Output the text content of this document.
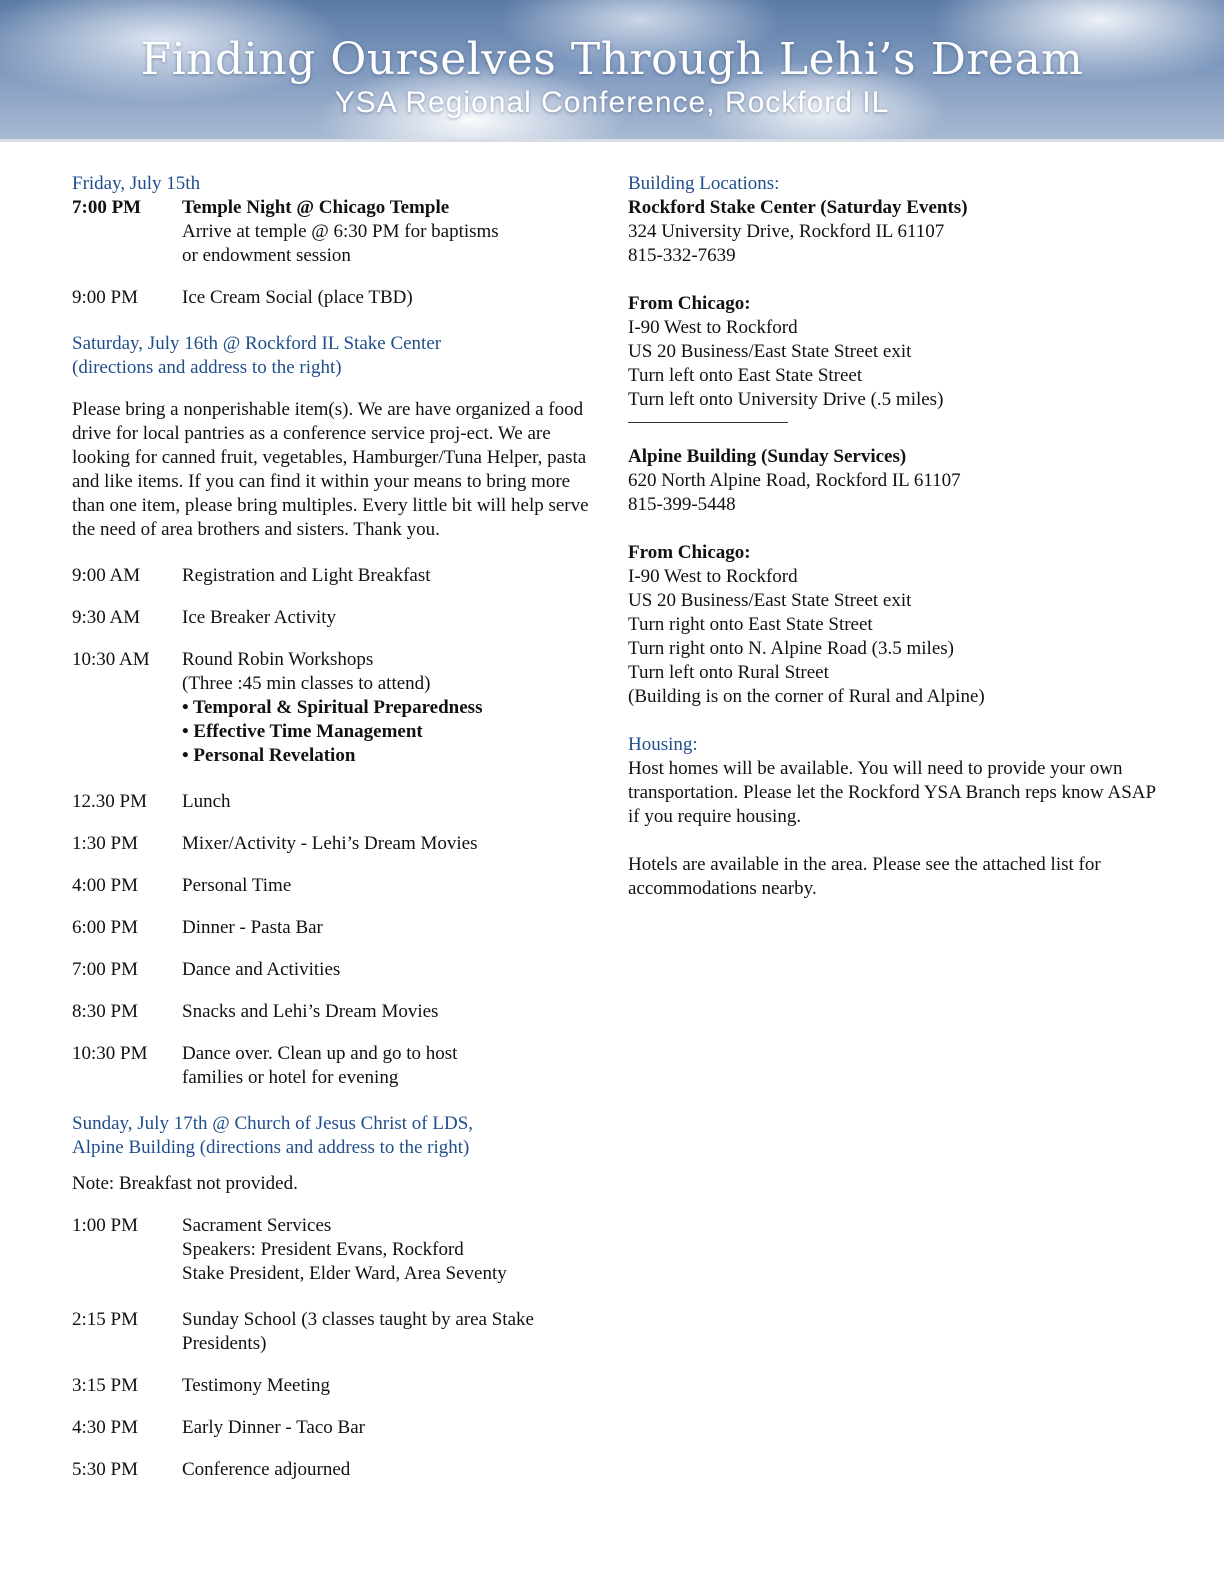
Finding Ourselves Through Lehi’s Dream
YSA Regional Conference, Rockford IL
Friday, July 15th
7:00 PM	Temple Night @ Chicago Temple
Arrive at temple @ 6:30 PM for baptisms
or endowment session
9:00 PM	Ice Cream Social (place TBD)
Saturday, July 16th @ Rockford IL Stake Center
(directions and address to the right)
Please bring a nonperishable item(s). We are have organized a food drive for local pantries as a conference service proj-ect. We are looking for canned fruit, vegetables, Hamburger/Tuna Helper, pasta and like items. If you can find it within your means to bring more than one item, please bring multiples. Every little bit will help serve the need of area brothers and sisters. Thank you.
9:00 AM	Registration and Light Breakfast
9:30 AM	Ice Breaker Activity
10:30 AM	Round Robin Workshops
(Three :45 min classes to attend)
• Temporal & Spiritual Preparedness
• Effective Time Management
• Personal Revelation
12.30 PM	Lunch
1:30 PM	Mixer/Activity - Lehi’s Dream Movies
4:00 PM	Personal Time
6:00 PM	Dinner - Pasta Bar
7:00 PM	Dance and Activities
8:30 PM	Snacks and Lehi’s Dream Movies
10:30 PM	Dance over. Clean up and go to host
families or hotel for evening
Sunday, July 17th @ Church of Jesus Christ of LDS,
Alpine Building (directions and address to the right)
Note: Breakfast not provided.
1:00 PM	Sacrament Services
Speakers: President Evans, Rockford
Stake President, Elder Ward, Area Seventy
2:15 PM	Sunday School (3 classes taught by area Stake
Presidents)
3:15 PM	Testimony Meeting
4:30 PM	Early Dinner - Taco Bar
5:30 PM	Conference adjourned
Building Locations:
Rockford Stake Center (Saturday Events)
324 University Drive, Rockford IL 61107
815-332-7639
From Chicago:
I-90 West to Rockford
US 20 Business/East State Street exit
Turn left onto East State Street
Turn left onto University Drive (.5 miles)
Alpine Building (Sunday Services)
620 North Alpine Road, Rockford IL 61107
815-399-5448
From Chicago:
I-90 West to Rockford
US 20 Business/East State Street exit
Turn right onto East State Street
Turn right onto N. Alpine Road (3.5 miles)
Turn left onto Rural Street
(Building is on the corner of Rural and Alpine)
Housing:
Host homes will be available. You will need to provide your own transportation. Please let the Rockford YSA Branch reps know ASAP if you require housing.
Hotels are available in the area. Please see the attached list for accommodations nearby.
